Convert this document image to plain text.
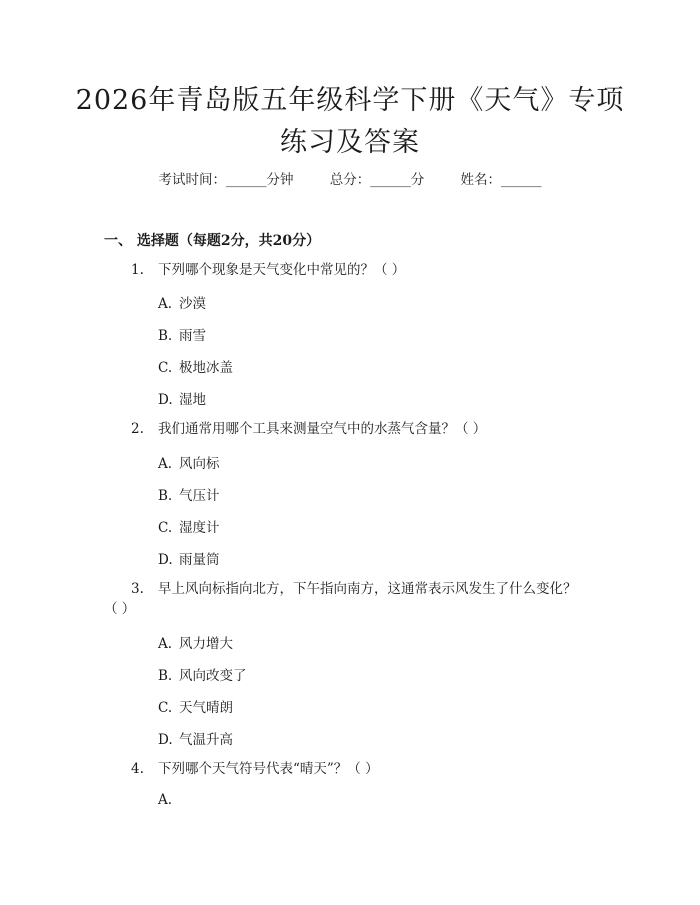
2026年青岛版五年级科学下册《天气》专项
练习及答案
考试时间：______分钟	总分：______分	姓名：______
一、 选择题（每题2分，共20分）
1. 下列哪个现象是天气变化中常见的？（ ）
A. 沙漠
B. 雨雪
C. 极地冰盖
D. 湿地
2. 我们通常用哪个工具来测量空气中的水蒸气含量？（ ）
A. 风向标
B. 气压计
C. 湿度计
D. 雨量筒
3. 早上风向标指向北方，下午指向南方，这通常表示风发生了什么变化？
（ ）
A. 风力增大
B. 风向改变了
C. 天气晴朗
D. 气温升高
4. 下列哪个天气符号代表“晴天”？（ ）
A.
